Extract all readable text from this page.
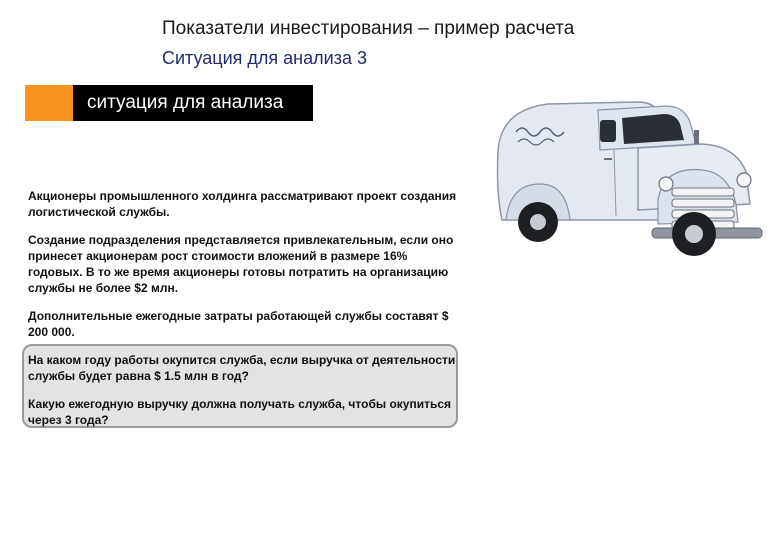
Показатели инвестирования – пример расчета
Ситуация для анализа 3
ситуация для анализа

Акционеры промышленного холдинга рассматривают проект создания логистической службы.

Создание подразделения представляется привлекательным, если оно принесет акционерам рост стоимости вложений в размере 16% годовых. В то же время акционеры готовы потратить на организацию службы не более $2 млн.

Дополнительные ежегодные затраты работающей службы составят $ 200 000.

На каком году работы окупится служба, если выручка от деятельности службы будет равна $ 1.5 млн в год?

Какую ежегодную выручку должна получать служба, чтобы окупиться через 3 года?
